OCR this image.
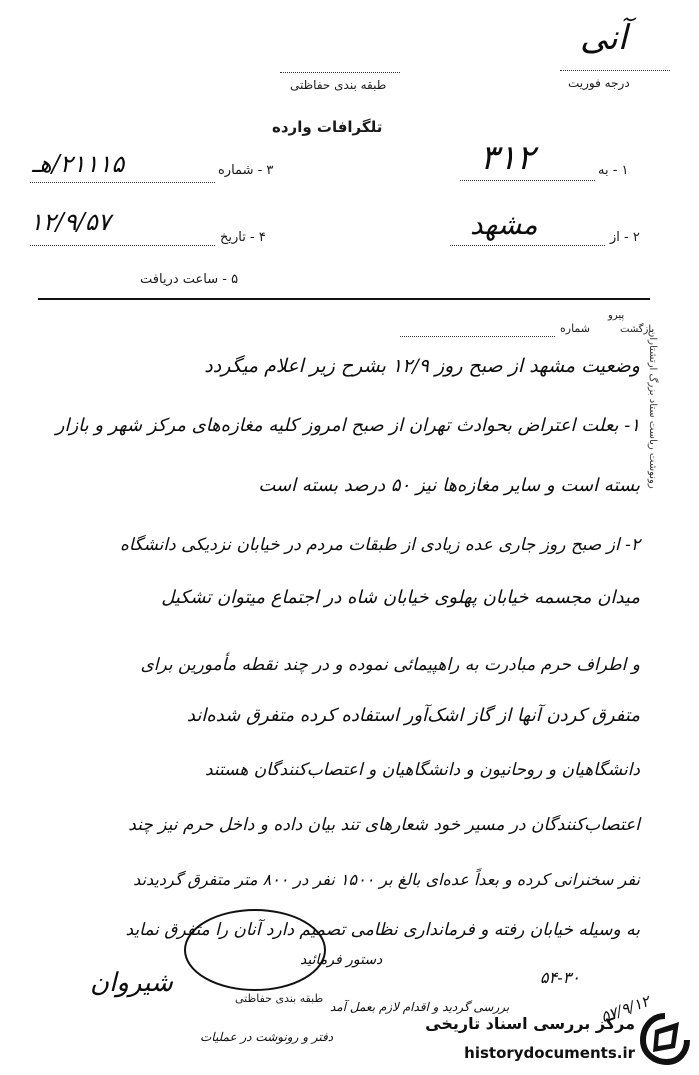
آنی
درجه فوریت
طبقه بندی حفاظتی
تلگرافات وارده
۱ - به
۳۱۲
۳ - شماره
۲۱۱۱۵/هـ
۲ - از
مشهد
۴ - تاریخ
۱۲/۹/۵۷
۵ - ساعت دریافت
پیرو
بازگشت
شماره
رونوشت ریاست ستاد بزرگ ارتشتاران
وضعیت مشهد از صبح روز ۱۲/۹ بشرح زیر اعلام میگردد
۱- بعلت اعتراض بحوادث تهران از صبح امروز کلیه مغازه‌های مرکز شهر و بازار
بسته است و سایر مغازه‌ها نیز ۵۰ درصد بسته است
۲- از صبح روز جاری عده زیادی از طبقات مردم در خیابان نزدیکی دانشگاه
میدان مجسمه خیابان پهلوی خیابان شاه در اجتماع میتوان تشکیل
و اطراف حرم مبادرت به راهپیمائی نموده و در چند نقطه مأمورین برای
متفرق کردن آنها از گاز اشک‌آور استفاده کرده متفرق شده‌اند
دانشگاهیان و روحانیون و دانشگاهیان و اعتصاب‌کنندگان هستند
اعتصاب‌کنندگان در مسیر خود شعارهای تند بیان داده و داخل حرم نیز چند
نفر سخنرانی کرده و بعداً عده‌ای بالغ بر ۱۵۰۰ نفر در ۸۰۰ متر متفرق گردیدند
به وسیله خیابان رفته و فرمانداری نظامی تصمیم دارد آنان را متفرق نماید
شیروان
دستور فرمائید
بررسی گردید و اقدام لازم بعمل آمد
دفتر و رونوشت در عملیات
طبقه بندی حفاظتی
۵۴-۳۰
۵۷/۹/۱۲
مرکز بررسی اسناد تاریخی
historydocuments.ir
